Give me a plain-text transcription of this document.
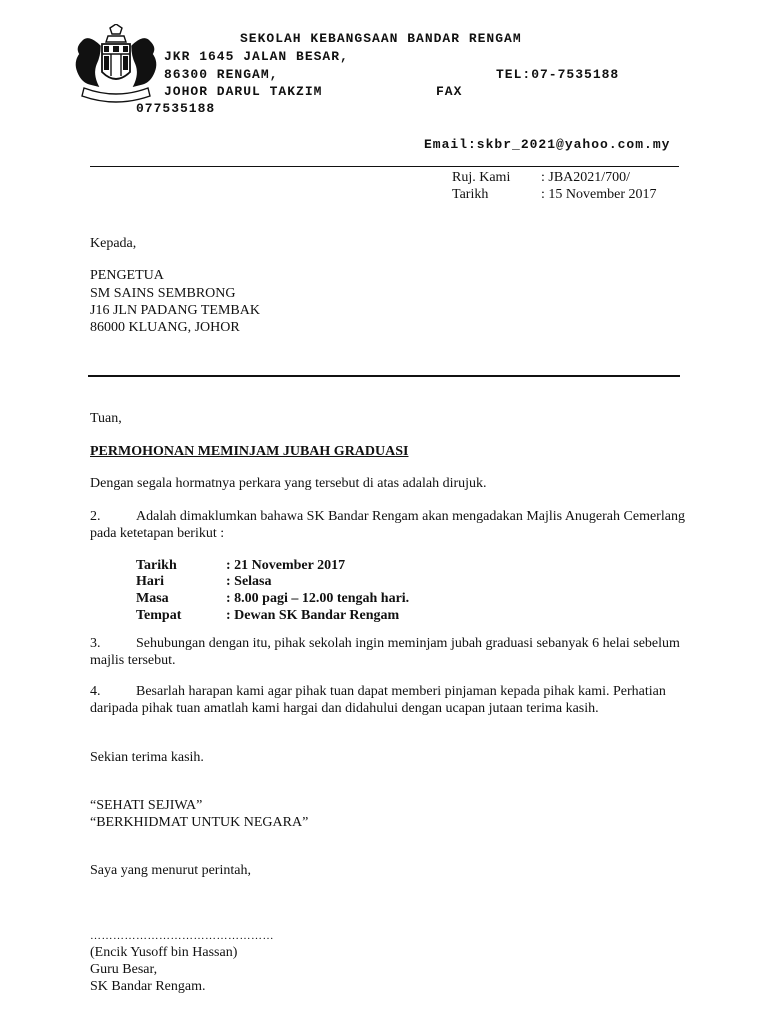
SEKOLAH KEBANGSAAN BANDAR RENGAM
JKR 1645 JALAN BESAR,
86300 RENGAM,	TEL:07-7535188
JOHOR DARUL TAKZIM	FAX
077535188
Email:skbr_2021@yahoo.com.my
Ruj. Kami : JBA2021/700/
Tarikh	: 15 November 2017
Kepada,
PENGETUA
SM SAINS SEMBRONG
J16 JLN PADANG TEMBAK
86000 KLUANG, JOHOR
Tuan,
PERMOHONAN MEMINJAM JUBAH GRADUASI
Dengan segala hormatnya perkara yang tersebut di atas adalah dirujuk.
2.	Adalah dimaklumkan bahawa SK Bandar Rengam akan mengadakan Majlis Anugerah Cemerlang
pada ketetapan berikut :
Tarikh	: 21 November 2017
Hari	: Selasa
Masa	: 8.00 pagi – 12.00 tengah hari.
Tempat	: Dewan SK Bandar Rengam
3.	Sehubungan dengan itu, pihak sekolah ingin meminjam jubah graduasi sebanyak 6 helai sebelum
majlis tersebut.
4.	Besarlah harapan kami agar pihak tuan dapat memberi pinjaman kepada pihak kami. Perhatian
daripada pihak tuan amatlah kami hargai dan didahului dengan ucapan jutaan terima kasih.
Sekian terima kasih.
“SEHATI SEJIWA”
“BERKHIDMAT UNTUK NEGARA”
Saya yang menurut perintah,
…………………………………………
(Encik Yusoff bin Hassan)
Guru Besar,
SK Bandar Rengam.
